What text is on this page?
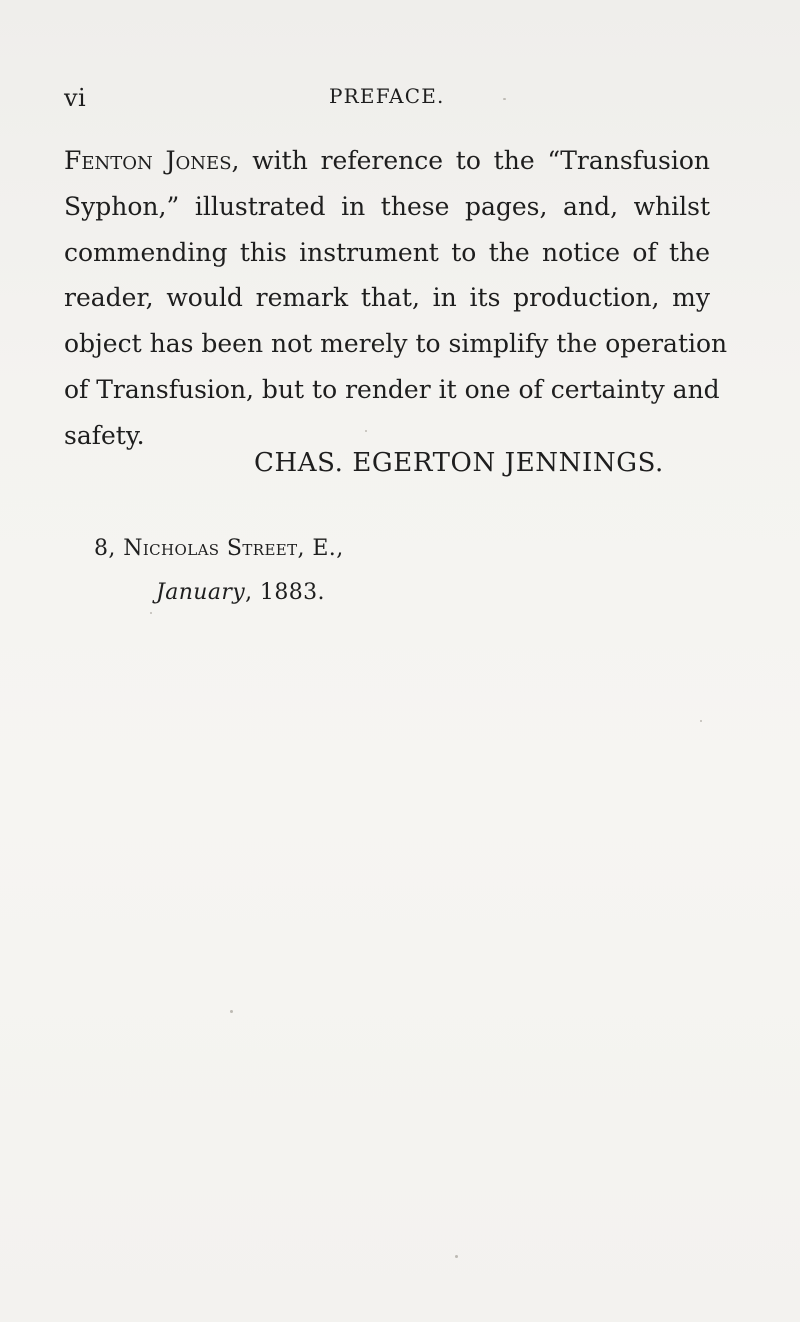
vi	PREFACE.
Fenton Jones, with reference to the “Transfusion
Syphon,” illustrated in these pages, and, whilst
commending this instrument to the notice of the
reader, would remark that, in its production, my
object has been not merely to simplify the operation
of Transfusion, but to render it one of certainty and
safety.
CHAS. EGERTON JENNINGS.
8, Nicholas Street, E.,
January, 1883.
